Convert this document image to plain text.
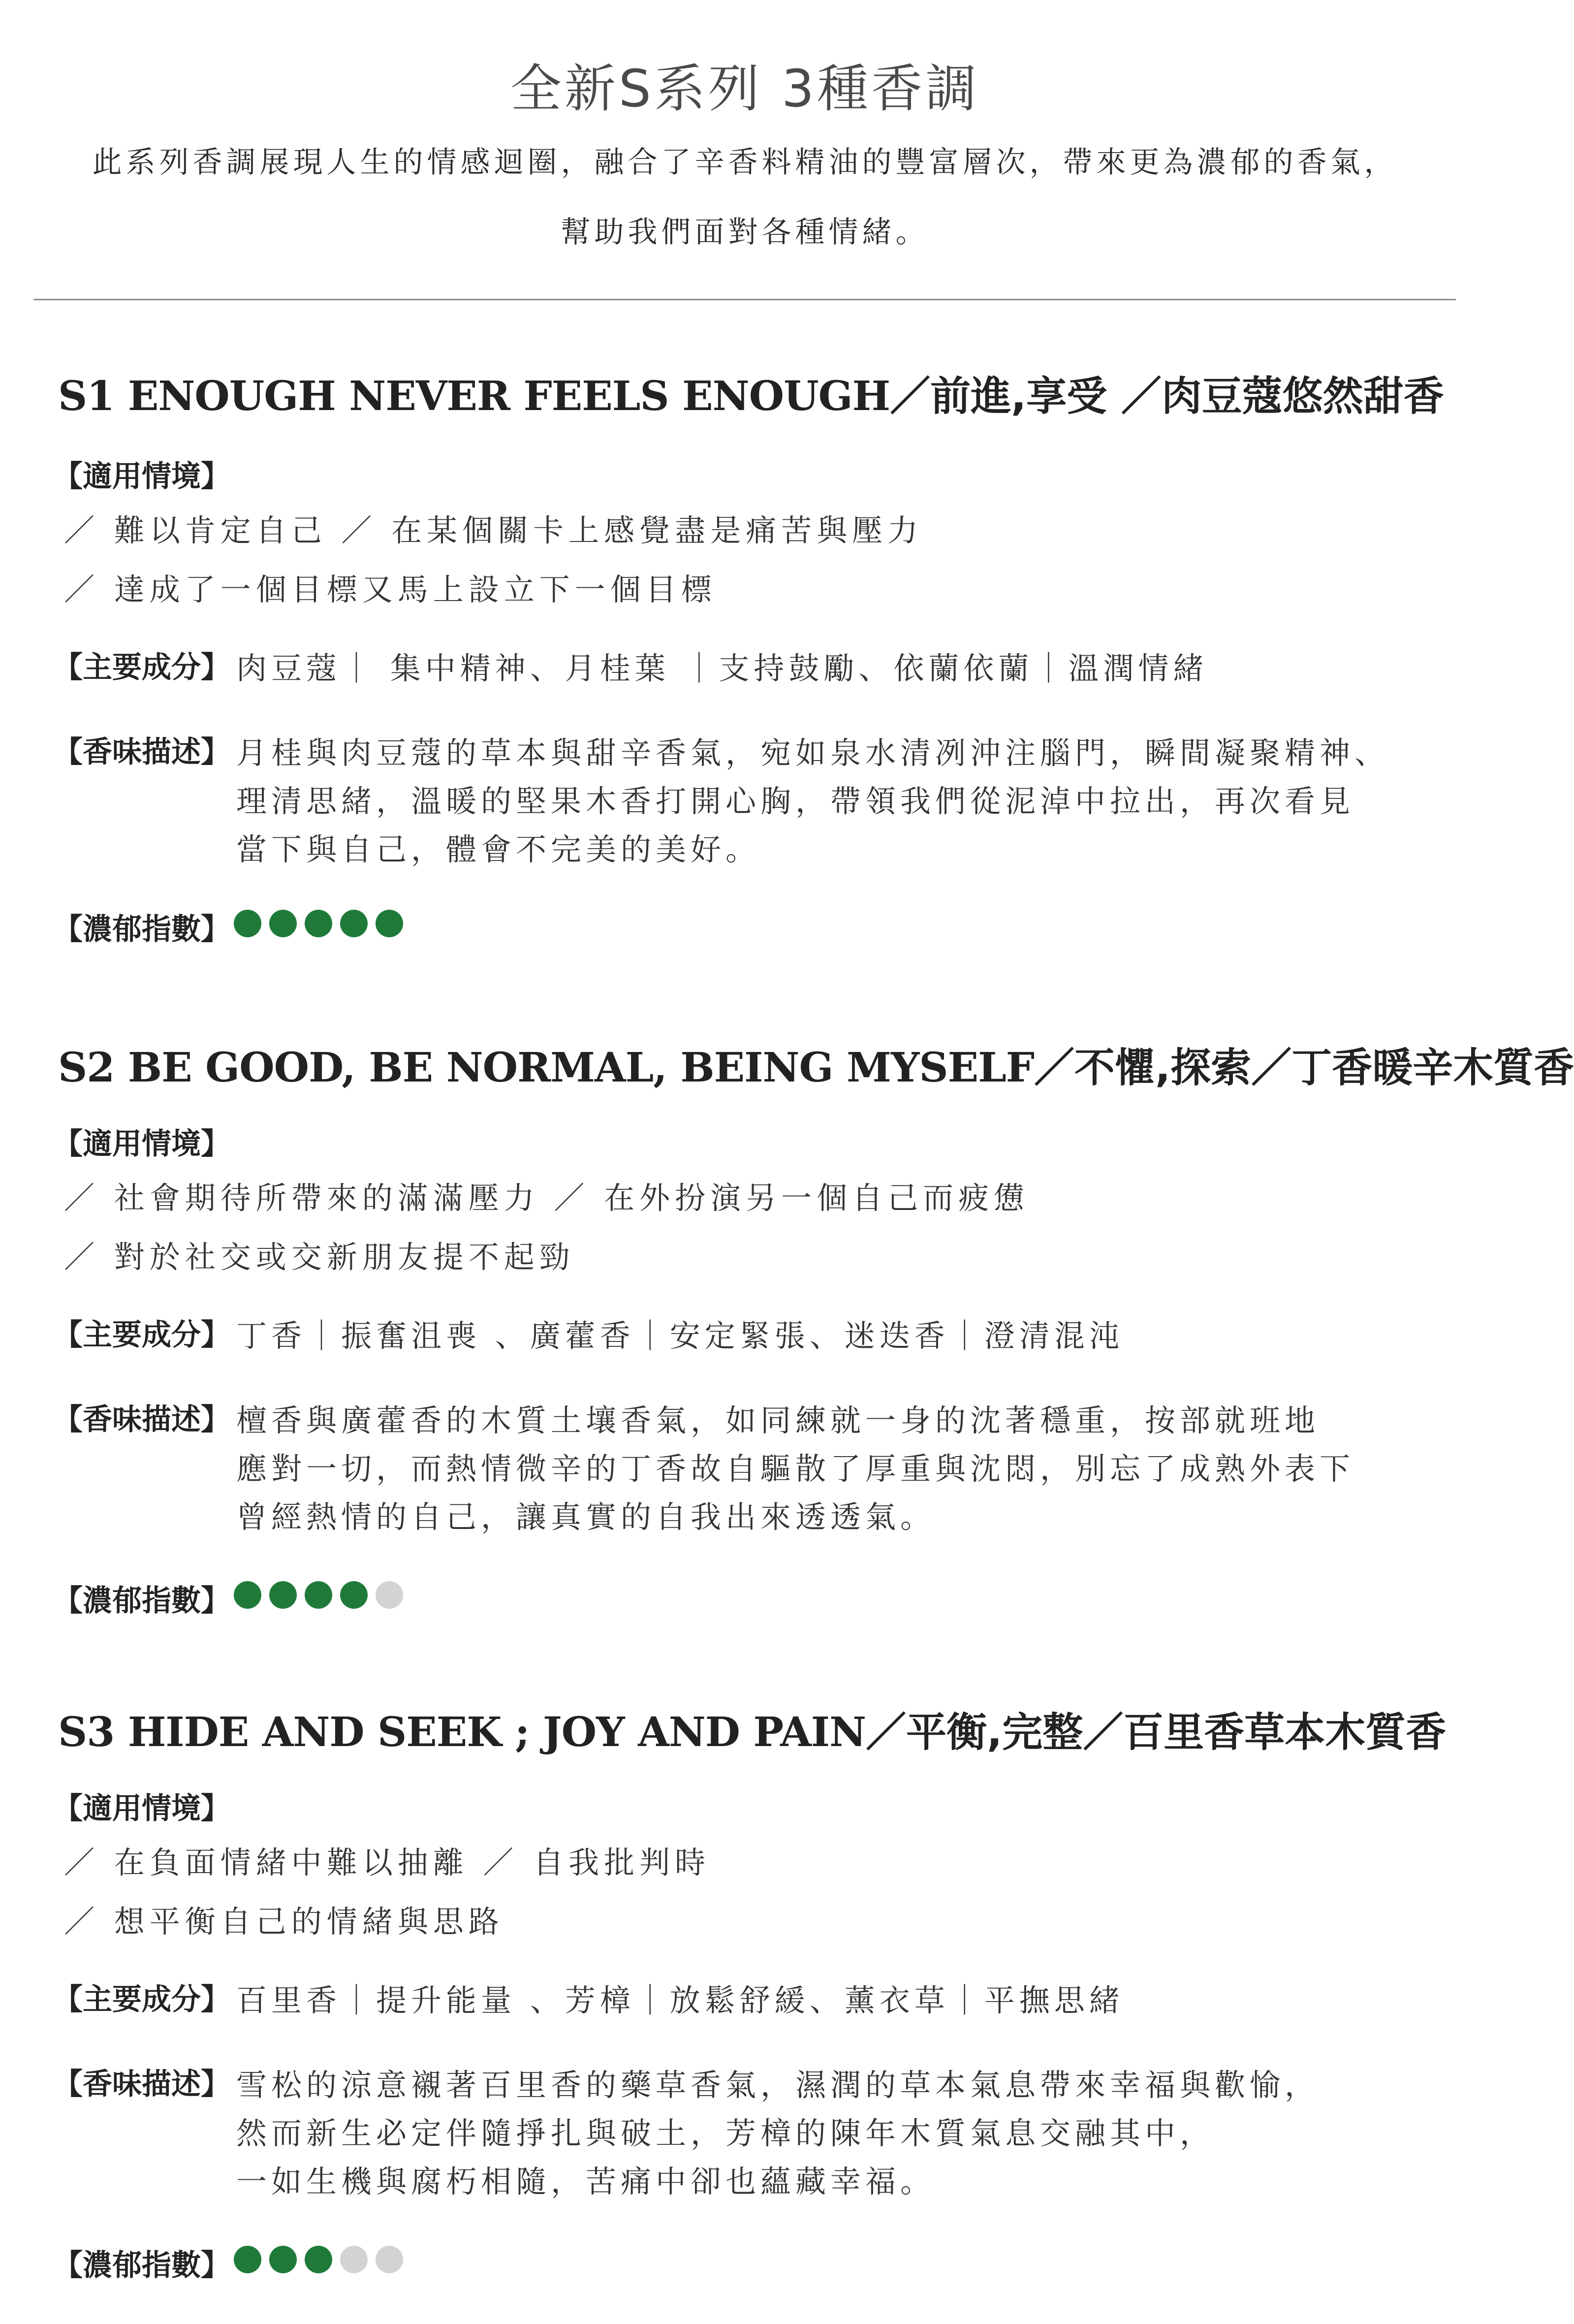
全新S系列 3種香調
此系列香調展現人生的情感迴圈，融合了辛香料精油的豐富層次，帶來更為濃郁的香氣，
幫助我們面對各種情緒。
S1 ENOUGH NEVER FEELS ENOUGH／前進,享受 ／肉豆蔻悠然甜香
【適用情境】
／ 難以肯定自己 ／ 在某個關卡上感覺盡是痛苦與壓力
／ 達成了一個目標又馬上設立下一個目標
【主要成分】 肉豆蔻｜ 集中精神、月桂葉 ｜支持鼓勵、依蘭依蘭｜溫潤情緒
【香味描述】 月桂與肉豆蔻的草本與甜辛香氣，宛如泉水清冽沖注腦門，瞬間凝聚精神、
理清思緒，溫暖的堅果木香打開心胸，帶領我們從泥淖中拉出，再次看見
當下與自己，體會不完美的美好。
【濃郁指數】
S2 BE GOOD, BE NORMAL, BEING MYSELF／不懼,探索／丁香暖辛木質香
【適用情境】
／ 社會期待所帶來的滿滿壓力 ／ 在外扮演另一個自己而疲憊
／ 對於社交或交新朋友提不起勁
【主要成分】 丁香｜振奮沮喪 、廣藿香｜安定緊張、迷迭香｜澄清混沌
【香味描述】 檀香與廣藿香的木質土壤香氣，如同練就一身的沈著穩重，按部就班地
應對一切，而熱情微辛的丁香故自驅散了厚重與沈悶，別忘了成熟外表下
曾經熱情的自己，讓真實的自我出來透透氣。
【濃郁指數】
S3 HIDE AND SEEK ; JOY AND PAIN／平衡,完整／百里香草本木質香
【適用情境】
／ 在負面情緒中難以抽離 ／ 自我批判時
／ 想平衡自己的情緒與思路
【主要成分】 百里香｜提升能量 、芳樟｜放鬆舒緩、薰衣草｜平撫思緒
【香味描述】 雪松的涼意襯著百里香的藥草香氣，濕潤的草本氣息帶來幸福與歡愉，
然而新生必定伴隨掙扎與破土，芳樟的陳年木質氣息交融其中，
一如生機與腐朽相隨，苦痛中卻也蘊藏幸福。
【濃郁指數】
